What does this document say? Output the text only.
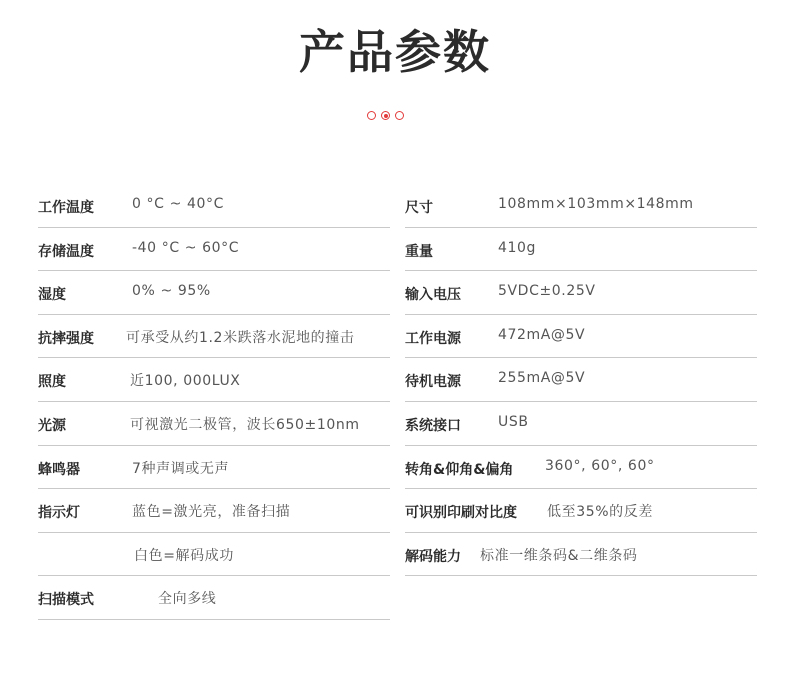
产品参数
工作温度	0 °C ~ 40°C
存储温度	-40 °C ~ 60°C
湿度	0% ~ 95%
抗摔强度 可承受从约1.2米跌落水泥地的撞击
照度	近100, 000LUX
光源	可视激光二极管，波长650±10nm
蜂鸣器	7种声调或无声
指示灯	蓝色=激光亮，准备扫描
白色=解码成功
扫描模式	全向多线
尺寸	108mm×103mm×148mm
重量	410g
输入电压	5VDC±0.25V
工作电源	472mA@5V
待机电源	255mA@5V
系统接口	USB
转角&仰角&偏角 360°, 60°, 60°
可识别印刷对比度 低至35%的反差
解码能力 标准一维条码&二维条码
